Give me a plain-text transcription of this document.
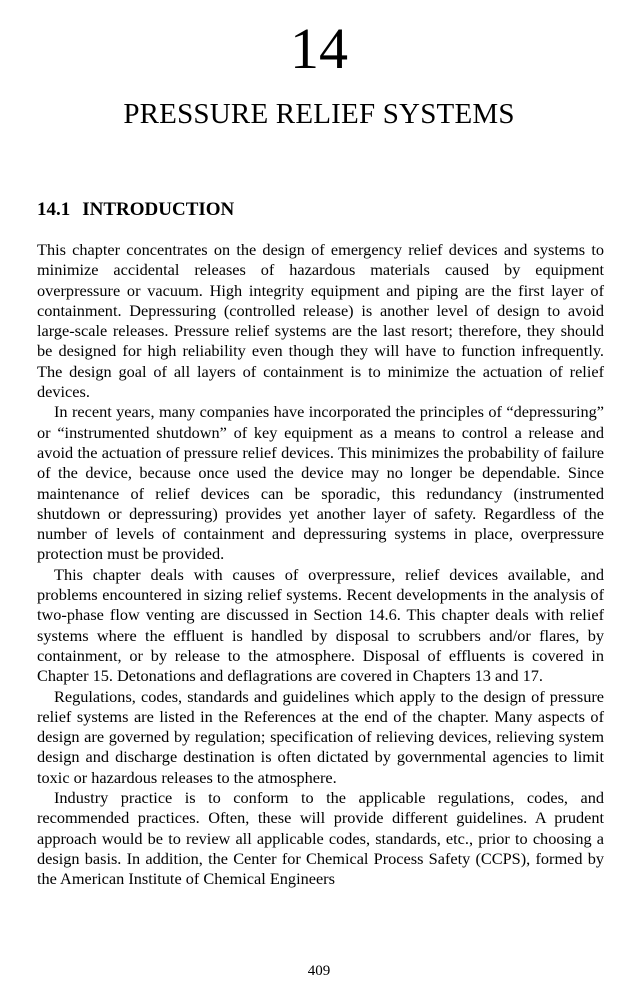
14
PRESSURE RELIEF SYSTEMS
14.1 INTRODUCTION

This chapter concentrates on the design of emergency relief devices and systems to minimize accidental releases of hazardous materials caused by equipment overpressure or vacuum. High integrity equipment and piping are the first layer of containment. Depressuring (controlled release) is another level of design to avoid large-scale releases. Pressure relief systems are the last resort; therefore, they should be designed for high reliability even though they will have to function infrequently. The design goal of all layers of containment is to minimize the actuation of relief devices.

In recent years, many companies have incorporated the principles of “depressuring” or “instrumented shutdown” of key equipment as a means to control a release and avoid the actuation of pressure relief devices. This minimizes the probability of failure of the device, because once used the device may no longer be dependable. Since maintenance of relief devices can be sporadic, this redundancy (instrumented shutdown or depressuring) provides yet another layer of safety. Regardless of the number of levels of containment and depressuring systems in place, overpressure protection must be provided.

This chapter deals with causes of overpressure, relief devices available, and problems encountered in sizing relief systems. Recent developments in the analysis of two-phase flow venting are discussed in Section 14.6. This chapter deals with relief systems where the effluent is handled by disposal to scrubbers and/or flares, by containment, or by release to the atmosphere. Disposal of effluents is covered in Chapter 15. Detonations and deflagrations are covered in Chapters 13 and 17.

Regulations, codes, standards and guidelines which apply to the design of pressure relief systems are listed in the References at the end of the chapter. Many aspects of design are governed by regulation; specification of relieving devices, relieving system design and discharge destination is often dictated by governmental agencies to limit toxic or hazardous releases to the atmosphere.

Industry practice is to conform to the applicable regulations, codes, and recommended practices. Often, these will provide different guidelines. A prudent approach would be to review all applicable codes, standards, etc., prior to choosing a design basis. In addition, the Center for Chemical Process Safety (CCPS), formed by the American Institute of Chemical Engineers

409
